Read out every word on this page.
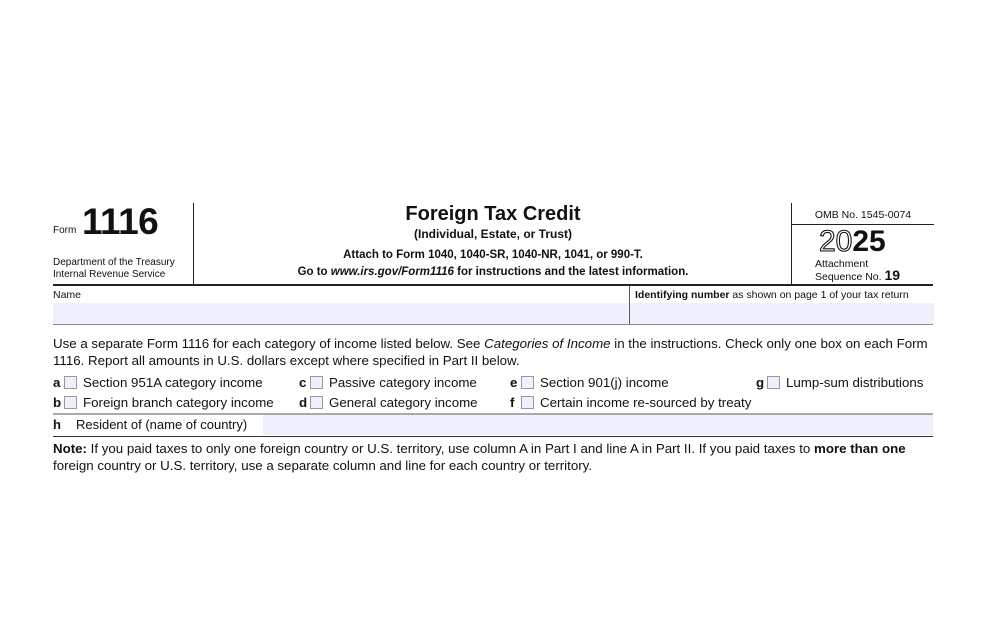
Form 1116
Department of the Treasury
Internal Revenue Service
Foreign Tax Credit
(Individual, Estate, or Trust)
Attach to Form 1040, 1040-SR, 1040-NR, 1041, or 990-T.
Go to www.irs.gov/Form1116 for instructions and the latest information.
OMB No. 1545-0074
2025
Attachment
Sequence No. 19
Name	Identifying number as shown on page 1 of your tax return
Use a separate Form 1116 for each category of income listed below. See Categories of Income in the instructions. Check only one box on each Form 1116. Report all amounts in U.S. dollars except where specified in Part II below.
a Section 951A category income
b Foreign branch category income
c Passive category income
d General category income
e Section 901(j) income
f	Certain income re-sourced by treaty
g Lump-sum distributions
h Resident of (name of country)
Note: If you paid taxes to only one foreign country or U.S. territory, use column A in Part I and line A in Part II. If you paid taxes to more than one foreign country or U.S. territory, use a separate column and line for each country or territory.
